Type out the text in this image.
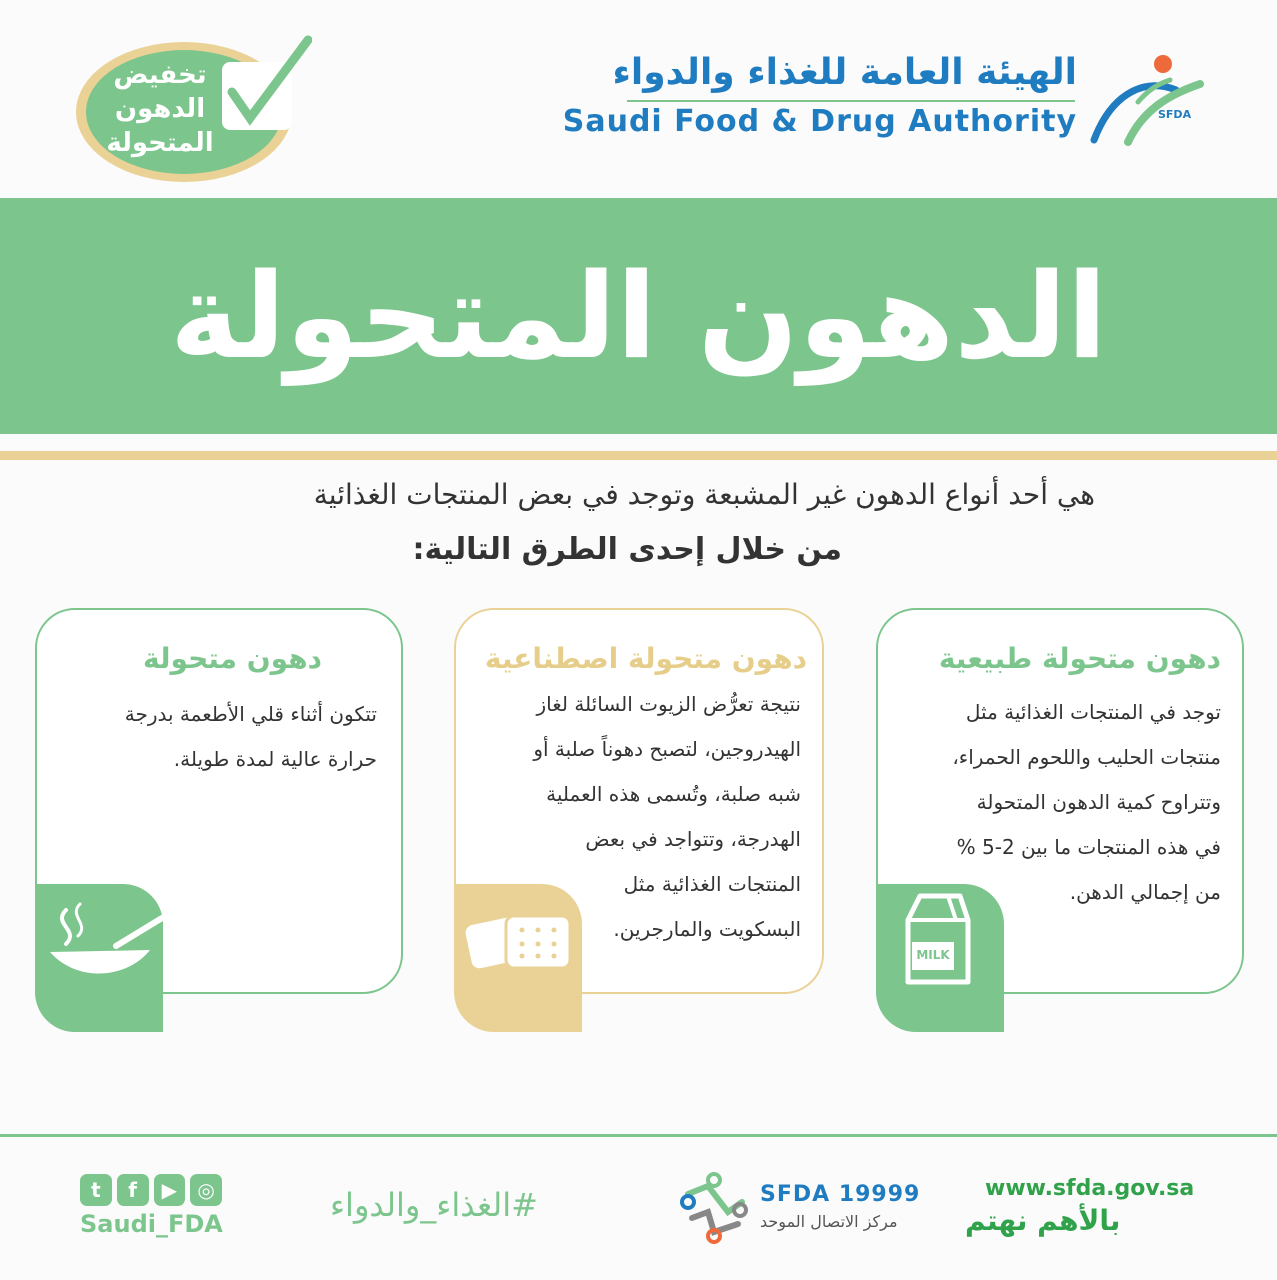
تخفيض الدهون المتحولة
الهيئة العامة للغذاء والدواء
Saudi Food & Drug Authority	SFDA
الدهون المتحولة
هي أحد أنواع الدهون غير المشبعة وتوجد في بعض المنتجات الغذائية
من خلال إحدى الطرق التالية:
دهون متحولة طبيعية
توجد في المنتجات الغذائية مثل
منتجات الحليب واللحوم الحمراء،
وتتراوح كمية الدهون المتحولة
في هذه المنتجات ما بين 2-5 %
من إجمالي الدهن.
MILK
دهون متحولة اصطناعية
نتيجة تعرُّض الزيوت السائلة لغاز
الهيدروجين، لتصبح دهوناً صلبة أو
شبه صلبة، وتُسمى هذه العملية
الهدرجة، وتتواجد في بعض
المنتجات الغذائية مثل
البسكويت والمارجرين.
دهون متحولة
تتكون أثناء قلي الأطعمة بدرجة
حرارة عالية لمدة طويلة.
www.sfda.gov.sa
بالأهم نهتم
SFDA 19999
مركز الاتصال الموحد
#الغذاء_والدواء
t	f	▶	◎
Saudi_FDA
